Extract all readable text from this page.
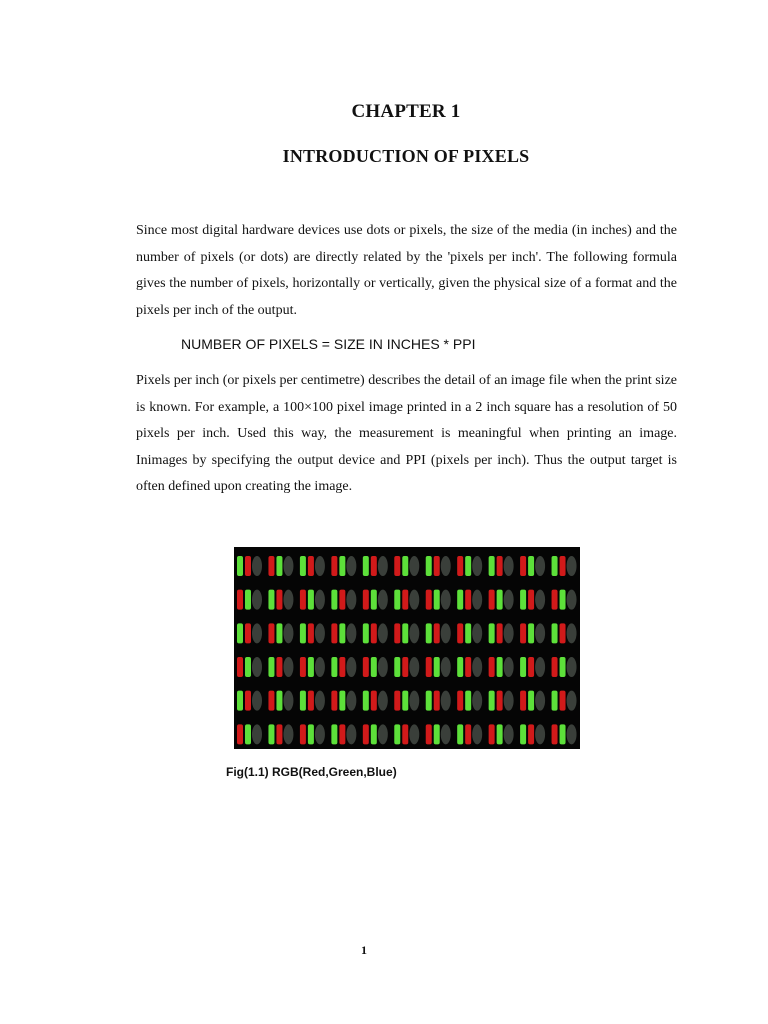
CHAPTER 1
INTRODUCTION OF PIXELS

Since most digital hardware devices use dots or pixels, the size of the media (in inches) and the number of pixels (or dots) are directly related by the 'pixels per inch'. The following formula gives the number of pixels, horizontally or vertically, given the physical size of a format and the pixels per inch of the output.

NUMBER OF PIXELS = SIZE IN INCHES * PPI

Pixels per inch (or pixels per centimetre) describes the detail of an image file when the print size is known. For example, a 100×100 pixel image printed in a 2 inch square has a resolution of 50 pixels per inch. Used this way, the measurement is meaningful when printing an image. Inimages by specifying the output device and PPI (pixels per inch). Thus the output target is often defined upon creating the image.

Fig(1.1) RGB(Red,Green,Blue)
1
